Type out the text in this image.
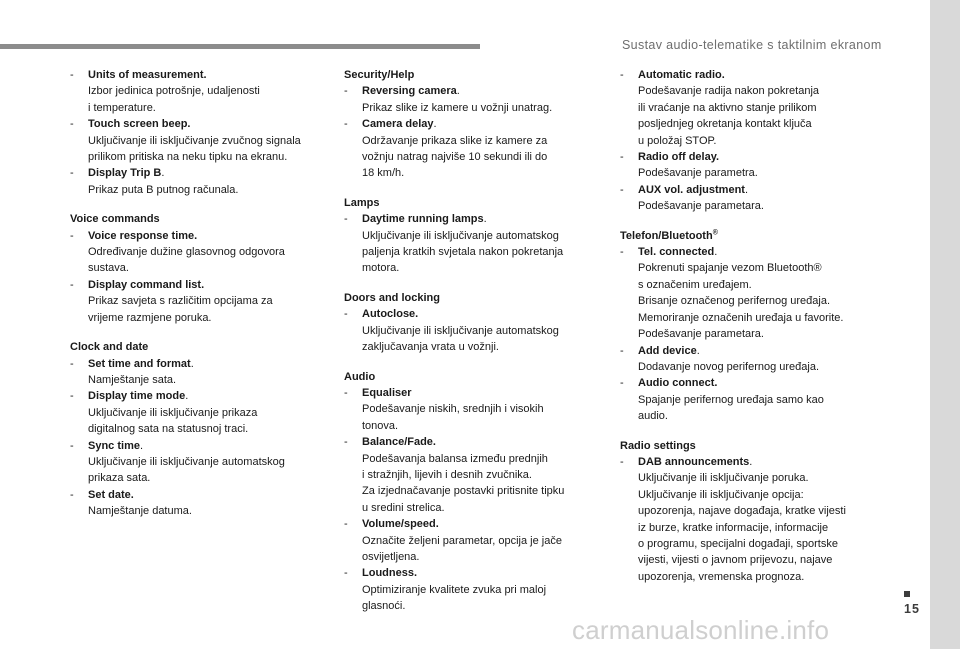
Sustav audio-telematike s taktilnim ekranom
15
carmanualsonline.info
- Units of measurement.
Izbor jedinica potrošnje, udaljenosti
i temperature.
- Touch screen beep.
Uključivanje ili isključivanje zvučnog signala
prilikom pritiska na neku tipku na ekranu.
- Display Trip B.
Prikaz puta B putnog računala.
Voice commands
- Voice response time.
Određivanje dužine glasovnog odgovora
sustava.
- Display command list.
Prikaz savjeta s različitim opcijama za
vrijeme razmjene poruka.
Clock and date
- Set time and format.
Namještanje sata.
- Display time mode.
Uključivanje ili isključivanje prikaza
digitalnog sata na statusnoj traci.
- Sync time.
Uključivanje ili isključivanje automatskog
prikaza sata.
- Set date.
Namještanje datuma.
Security/Help
- Reversing camera.
Prikaz slike iz kamere u vožnji unatrag.
- Camera delay.
Održavanje prikaza slike iz kamere za
vožnju natrag najviše 10 sekundi ili do
18 km/h.
Lamps
- Daytime running lamps.
Uključivanje ili isključivanje automatskog
paljenja kratkih svjetala nakon pokretanja
motora.
Doors and locking
- Autoclose.
Uključivanje ili isključivanje automatskog
zaključavanja vrata u vožnji.
Audio
- Equaliser
Podešavanje niskih, srednjih i visokih
tonova.
- Balance/Fade.
Podešavanja balansa između prednjih
i stražnjih, lijevih i desnih zvučnika.
Za izjednačavanje postavki pritisnite tipku
u sredini strelica.
- Volume/speed.
Označite željeni parametar, opcija je jače
osvijetljena.
- Loudness.
Optimiziranje kvalitete zvuka pri maloj
glasnoći.
- Automatic radio.
Podešavanje radija nakon pokretanja
ili vraćanje na aktivno stanje prilikom
posljednjeg okretanja kontakt ključa
u položaj STOP.
- Radio off delay.
Podešavanje parametra.
- AUX vol. adjustment.
Podešavanje parametara.
Telefon/Bluetooth®
- Tel. connected.
Pokrenuti spajanje vezom Bluetooth®
s označenim uređajem.
Brisanje označenog perifernog uređaja.
Memoriranje označenih uređaja u favorite.
Podešavanje parametara.
- Add device.
Dodavanje novog perifernog uređaja.
- Audio connect.
Spajanje perifernog uređaja samo kao
audio.
Radio settings
- DAB announcements.
Uključivanje ili isključivanje poruka.
Uključivanje ili isključivanje opcija:
upozorenja, najave događaja, kratke vijesti
iz burze, kratke informacije, informacije
o programu, specijalni događaji, sportske
vijesti, vijesti o javnom prijevozu, najave
upozorenja, vremenska prognoza.
